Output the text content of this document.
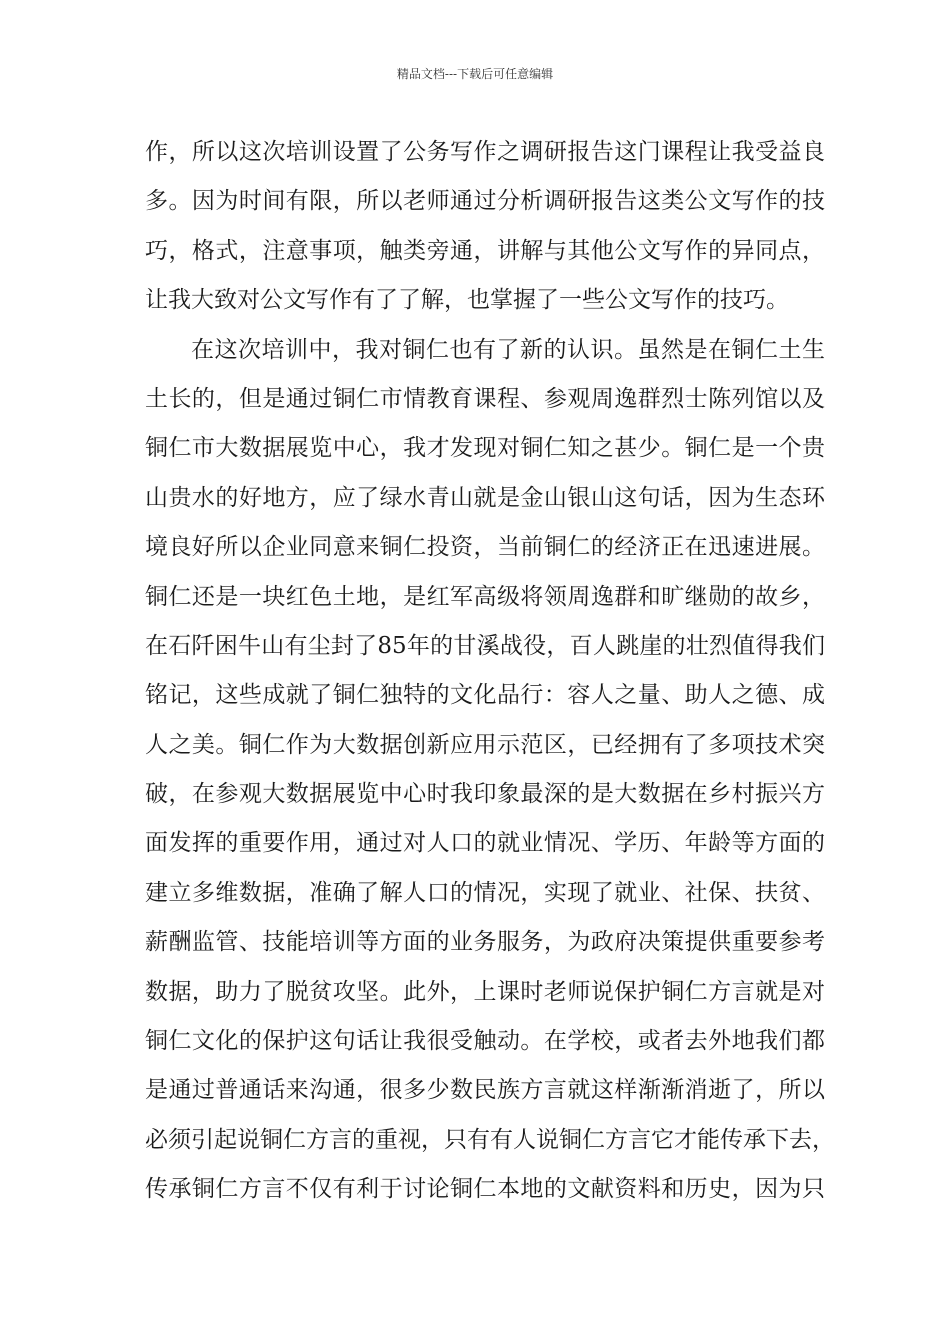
精品文档---下载后可任意编辑
作，所以这次培训设置了公务写作之调研报告这门课程让我受益良
多。因为时间有限，所以老师通过分析调研报告这类公文写作的技
巧，格式，注意事项，触类旁通，讲解与其他公文写作的异同点，
让我大致对公文写作有了了解，也掌握了一些公文写作的技巧。
在这次培训中，我对铜仁也有了新的认识。虽然是在铜仁土生
土长的，但是通过铜仁市情教育课程、参观周逸群烈士陈列馆以及
铜仁市大数据展览中心，我才发现对铜仁知之甚少。铜仁是一个贵
山贵水的好地方，应了绿水青山就是金山银山这句话，因为生态环
境良好所以企业同意来铜仁投资，当前铜仁的经济正在迅速进展。
铜仁还是一块红色土地，是红军高级将领周逸群和旷继勋的故乡，
在石阡困牛山有尘封了85年的甘溪战役，百人跳崖的壮烈值得我们
铭记，这些成就了铜仁独特的文化品行：容人之量、助人之德、成
人之美。铜仁作为大数据创新应用示范区，已经拥有了多项技术突
破，在参观大数据展览中心时我印象最深的是大数据在乡村振兴方
面发挥的重要作用，通过对人口的就业情况、学历、年龄等方面的
建立多维数据，准确了解人口的情况，实现了就业、社保、扶贫、
薪酬监管、技能培训等方面的业务服务，为政府决策提供重要参考
数据，助力了脱贫攻坚。此外，上课时老师说保护铜仁方言就是对
铜仁文化的保护这句话让我很受触动。在学校，或者去外地我们都
是通过普通话来沟通，很多少数民族方言就这样渐渐消逝了，所以
必须引起说铜仁方言的重视，只有有人说铜仁方言它才能传承下去，
传承铜仁方言不仅有利于讨论铜仁本地的文献资料和历史，因为只
